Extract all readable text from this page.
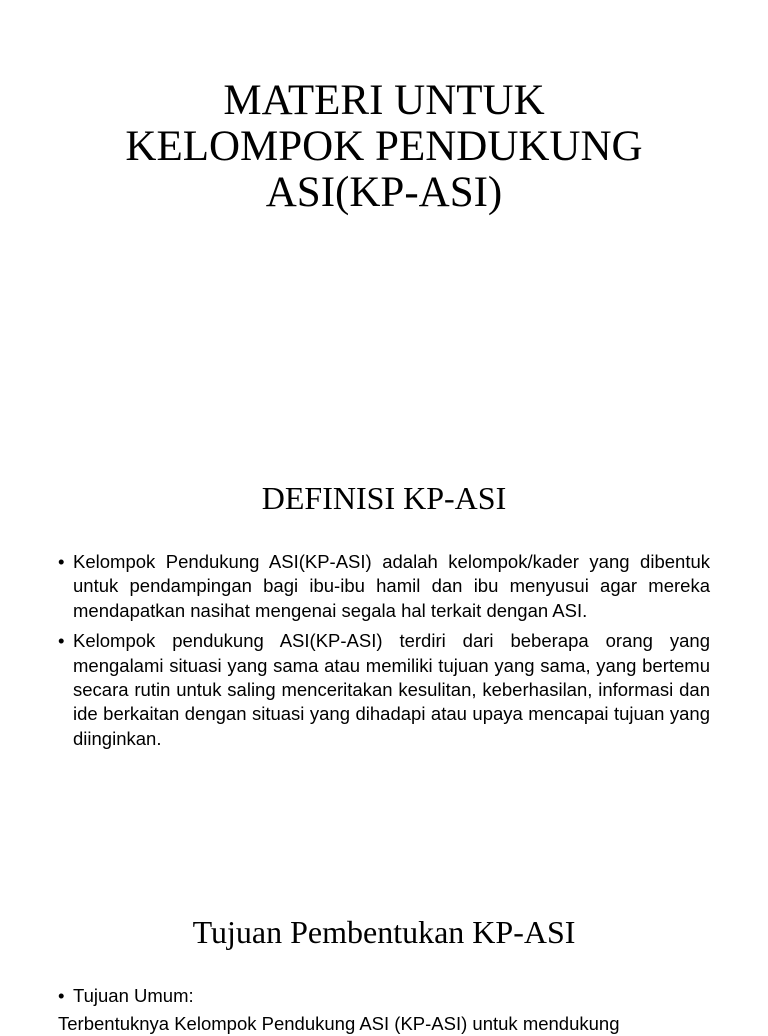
MATERI UNTUK
KELOMPOK PENDUKUNG
ASI(KP-ASI)
DEFINISI KP-ASI
• Kelompok Pendukung ASI(KP-ASI) adalah kelompok/kader yang dibentuk untuk pendampingan bagi ibu-ibu hamil dan ibu menyusui agar mereka mendapatkan nasihat mengenai segala hal terkait dengan ASI.
• Kelompok pendukung ASI(KP-ASI) terdiri dari beberapa orang yang mengalami situasi yang sama atau memiliki tujuan yang sama, yang bertemu secara rutin untuk saling menceritakan kesulitan, keberhasilan, informasi dan ide berkaitan dengan situasi yang dihadapi atau upaya mencapai tujuan yang diinginkan.
Tujuan Pembentukan KP-ASI
• Tujuan Umum:
Terbentuknya Kelompok Pendukung ASI (KP-ASI) untuk mendukung
